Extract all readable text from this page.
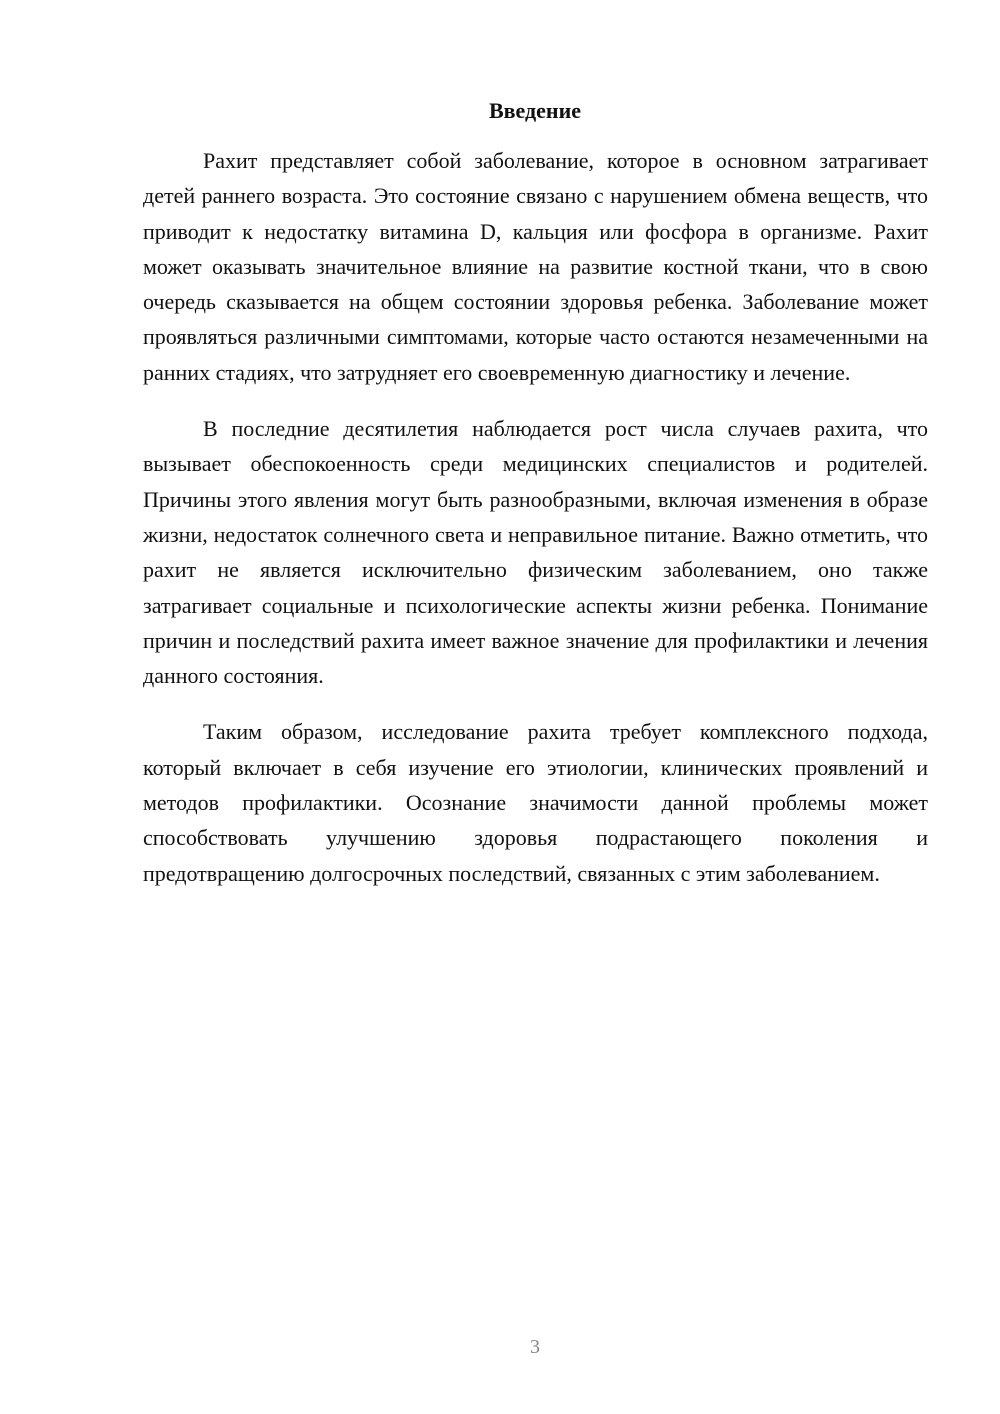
Введение

Рахит представляет собой заболевание, которое в основном затрагивает детей раннего возраста. Это состояние связано с нарушением обмена веществ, что приводит к недостатку витамина D, кальция или фосфора в организме. Рахит может оказывать значительное влияние на развитие костной ткани, что в свою очередь сказывается на общем состоянии здоровья ребенка. Заболевание может проявляться различными симптомами, которые часто остаются незамеченными на ранних стадиях, что затрудняет его своевременную диагностику и лечение.

В последние десятилетия наблюдается рост числа случаев рахита, что вызывает обеспокоенность среди медицинских специалистов и родителей. Причины этого явления могут быть разнообразными, включая изменения в образе жизни, недостаток солнечного света и неправильное питание. Важно отметить, что рахит не является исключительно физическим заболеванием, оно также затрагивает социальные и психологические аспекты жизни ребенка. Понимание причин и последствий рахита имеет важное значение для профилактики и лечения данного состояния.

Таким образом, исследование рахита требует комплексного подхода, который включает в себя изучение его этиологии, клинических проявлений и методов профилактики. Осознание значимости данной проблемы может способствовать улучшению здоровья подрастающего поколения и предотвращению долгосрочных последствий, связанных с этим заболеванием.

3
